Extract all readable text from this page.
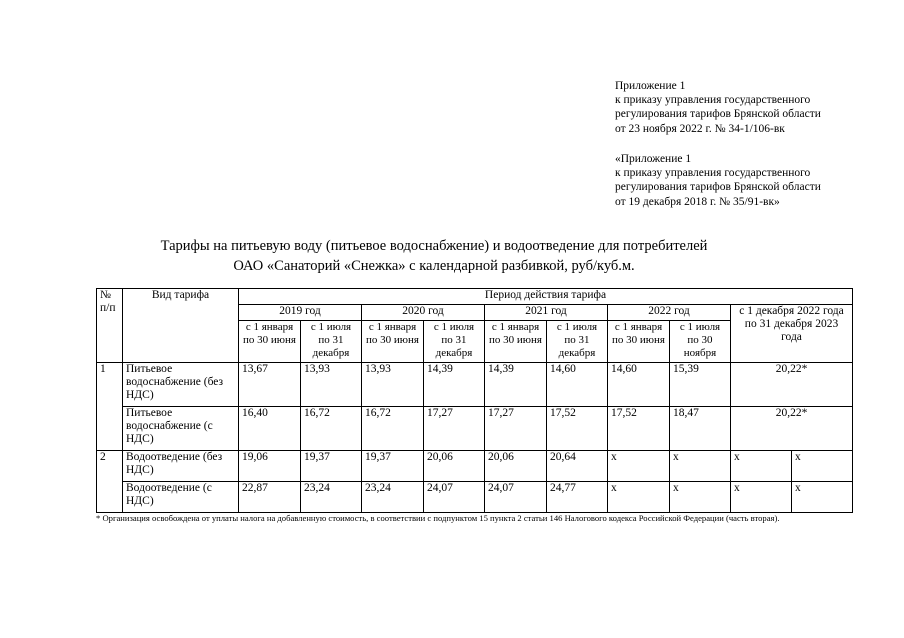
Приложение 1
к приказу управления государственного
регулирования тарифов Брянской области
от 23 ноября 2022 г. № 34-1/106-вк
«Приложение 1
к приказу управления государственного
регулирования тарифов Брянской области
от 19 декабря 2018 г. № 35/91-вк»
Тарифы на питьевую воду (питьевое водоснабжение) и водоотведение для потребителей
ОАО «Санаторий «Снежка» с календарной разбивкой, руб/куб.м.
№ п/п	Вид тарифа	Период действия тарифа									
		2019 год		2020 год		2021 год		2022 год		с 1 декабря 2022 года по 31 декабря 2023 года	
		с 1 января по 30 июня	с 1 июля по 31 декабря	с 1 января по 30 июня	с 1 июля по 31 декабря	с 1 января по 30 июня	с 1 июля по 31 декабря	с 1 января по 30 июня	с 1 июля по 30 ноября		
1	Питьевое водоснабжение (без НДС)	13,67	13,93	13,93	14,39	14,39	14,60	14,60	15,39	20,22*	
	Питьевое водоснабжение (с НДС)	16,40	16,72	16,72	17,27	17,27	17,52	17,52	18,47	20,22*	
2	Водоотведение (без НДС)	19,06	19,37	19,37	20,06	20,06	20,64	х	х	х	х
	Водоотведение (с НДС)	22,87	23,24	23,24	24,07	24,07	24,77	х	х	х	х
* Организация освобождена от уплаты налога на добавленную стоимость, в соответствии с подпунктом 15 пункта 2 статьи 146 Налогового кодекса Российской Федерации (часть вторая).
